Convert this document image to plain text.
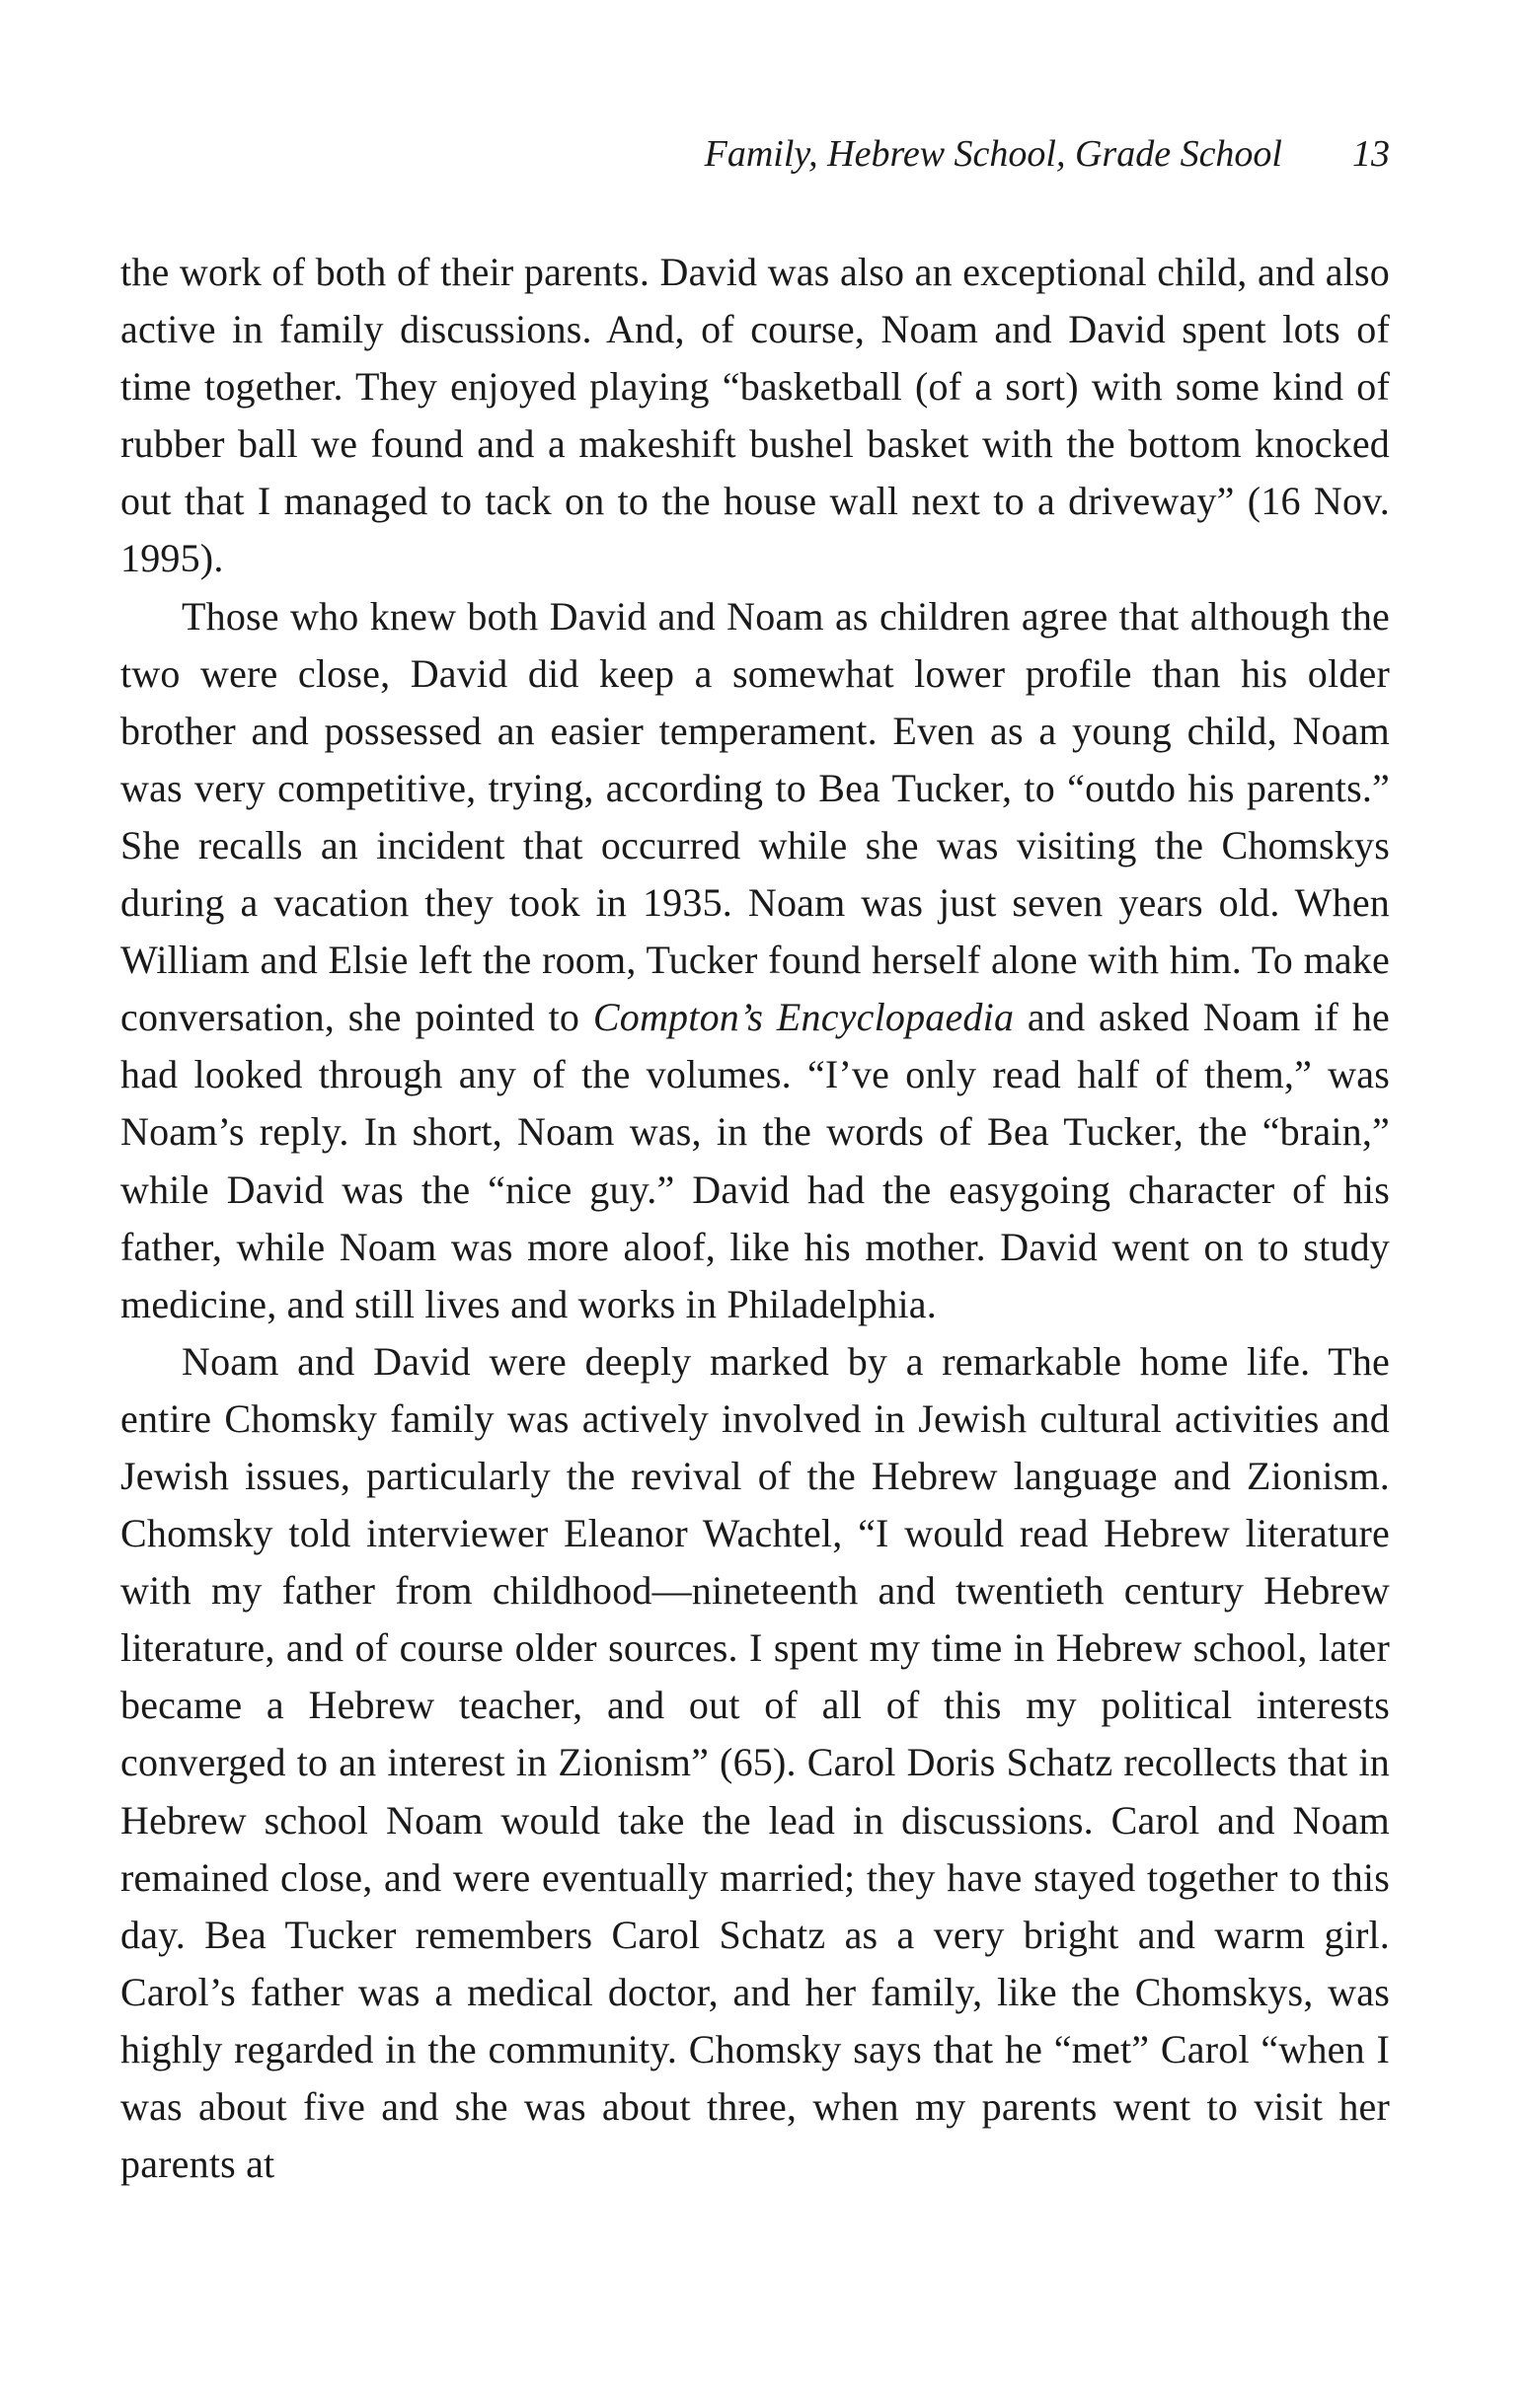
Family, Hebrew School, Grade School 13

the work of both of their parents. David was also an exceptional child, and also active in family discussions. And, of course, Noam and David spent lots of time together. They enjoyed playing “basketball (of a sort) with some kind of rubber ball we found and a makeshift bushel basket with the bottom knocked out that I managed to tack on to the house wall next to a driveway” (16 Nov. 1995).

Those who knew both David and Noam as children agree that although the two were close, David did keep a somewhat lower profile than his older brother and possessed an easier temperament. Even as a young child, Noam was very competitive, trying, according to Bea Tucker, to “outdo his parents.” She recalls an incident that occurred while she was visiting the Chomskys during a vacation they took in 1935. Noam was just seven years old. When William and Elsie left the room, Tucker found herself alone with him. To make conversation, she pointed to Compton’s Encyclopaedia and asked Noam if he had looked through any of the volumes. “I’ve only read half of them,” was Noam’s reply. In short, Noam was, in the words of Bea Tucker, the “brain,” while David was the “nice guy.” David had the easygoing character of his father, while Noam was more aloof, like his mother. David went on to study medicine, and still lives and works in Philadelphia.

Noam and David were deeply marked by a remarkable home life. The entire Chomsky family was actively involved in Jewish cultural activities and Jewish issues, particularly the revival of the Hebrew language and Zionism. Chomsky told interviewer Eleanor Wachtel, “I would read Hebrew literature with my father from childhood—nineteenth and twentieth century Hebrew literature, and of course older sources. I spent my time in Hebrew school, later became a Hebrew teacher, and out of all of this my political interests converged to an interest in Zionism” (65). Carol Doris Schatz recollects that in Hebrew school Noam would take the lead in discussions. Carol and Noam remained close, and were eventually married; they have stayed together to this day. Bea Tucker remembers Carol Schatz as a very bright and warm girl. Carol’s father was a medical doctor, and her family, like the Chomskys, was highly regarded in the community. Chomsky says that he “met” Carol “when I was about five and she was about three, when my parents went to visit her parents at
